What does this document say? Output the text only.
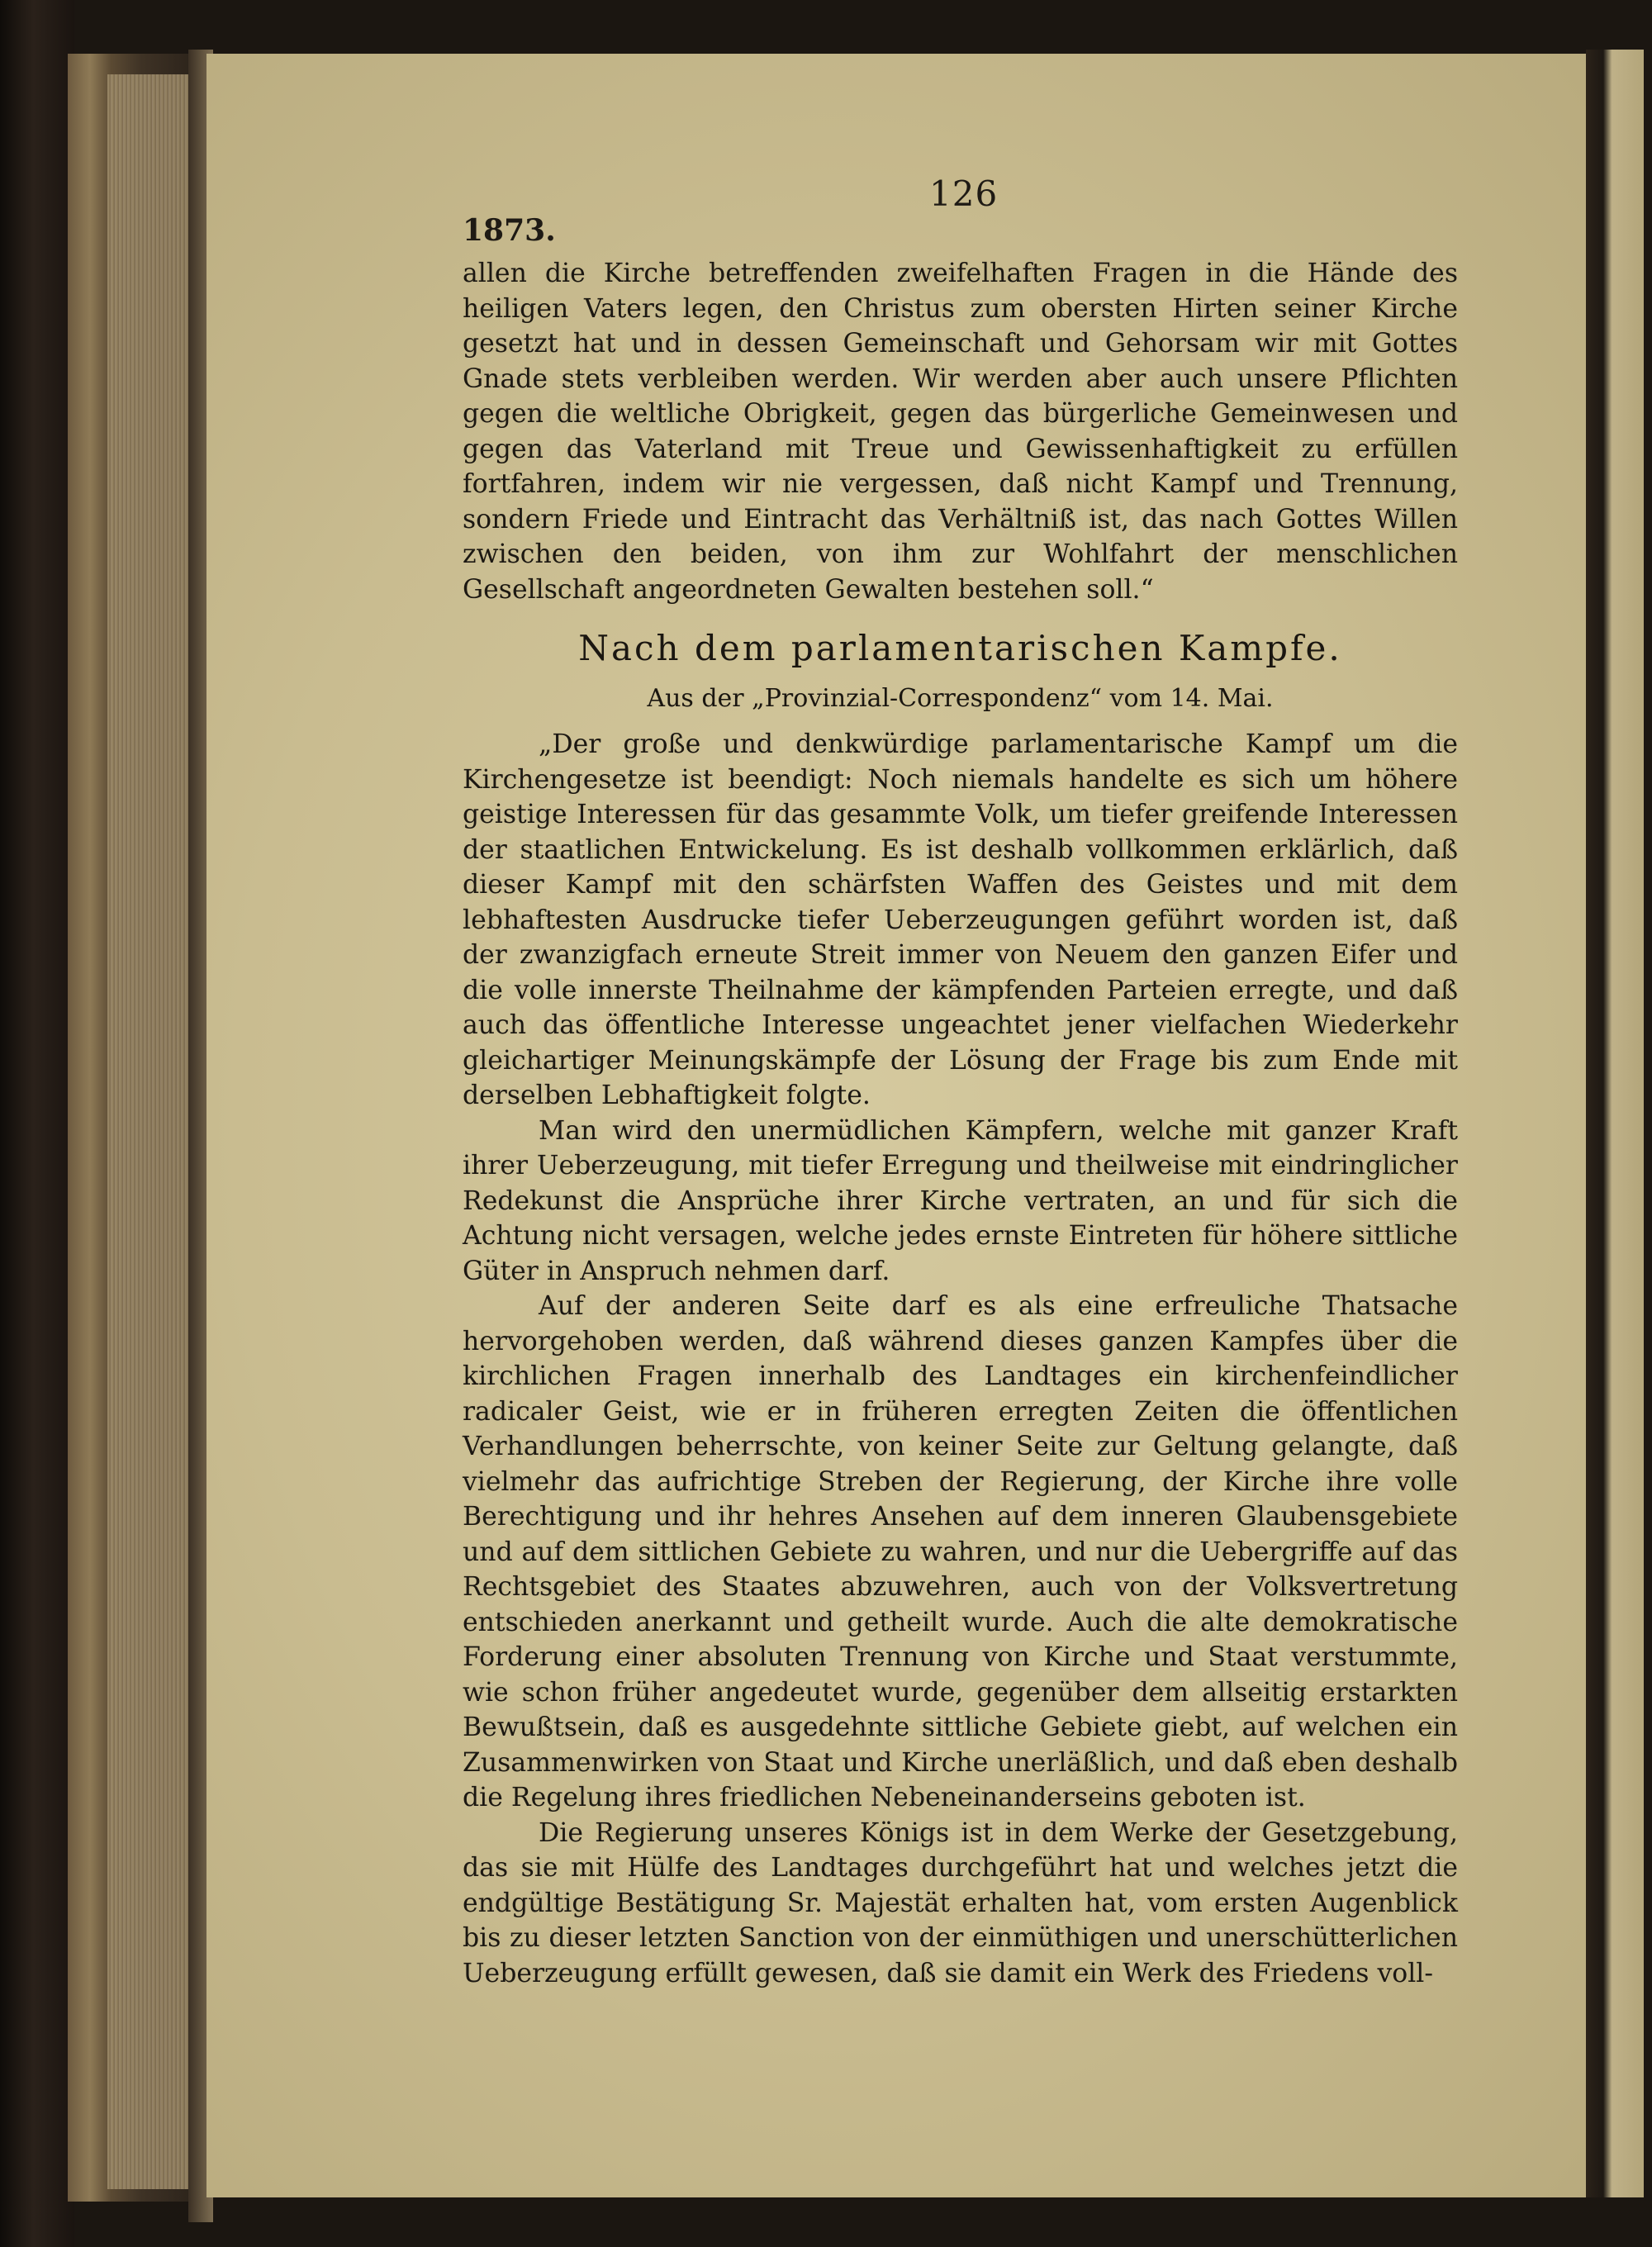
126
1873.

allen die Kirche betreffenden zweifelhaften Fragen in die Hände des heiligen Vaters legen, den Christus zum obersten Hirten seiner Kirche gesetzt hat und in dessen Gemeinschaft und Gehorsam wir mit Gottes Gnade stets verbleiben werden. Wir werden aber auch unsere Pflichten gegen die weltliche Obrigkeit, gegen das bürgerliche Gemeinwesen und gegen das Vaterland mit Treue und Gewissenhaftigkeit zu erfüllen fortfahren, indem wir nie vergessen, daß nicht Kampf und Trennung, sondern Friede und Eintracht das Verhältniß ist, das nach Gottes Willen zwischen den beiden, von ihm zur Wohlfahrt der menschlichen Gesellschaft angeordneten Gewalten bestehen soll.“

Nach dem parlamentarischen Kampfe.
Aus der „Provinzial-Correspondenz“ vom 14. Mai.

„Der große und denkwürdige parlamentarische Kampf um die Kirchengesetze ist beendigt: Noch niemals handelte es sich um höhere geistige Interessen für das gesammte Volk, um tiefer greifende Interessen der staatlichen Entwickelung. Es ist deshalb vollkommen erklärlich, daß dieser Kampf mit den schärfsten Waffen des Geistes und mit dem lebhaftesten Ausdrucke tiefer Ueberzeugungen geführt worden ist, daß der zwanzigfach erneute Streit immer von Neuem den ganzen Eifer und die volle innerste Theilnahme der kämpfenden Parteien erregte, und daß auch das öffentliche Interesse ungeachtet jener vielfachen Wiederkehr gleichartiger Meinungskämpfe der Lösung der Frage bis zum Ende mit derselben Lebhaftigkeit folgte.

Man wird den unermüdlichen Kämpfern, welche mit ganzer Kraft ihrer Ueberzeugung, mit tiefer Erregung und theilweise mit eindringlicher Redekunst die Ansprüche ihrer Kirche vertraten, an und für sich die Achtung nicht versagen, welche jedes ernste Eintreten für höhere sittliche Güter in Anspruch nehmen darf.

Auf der anderen Seite darf es als eine erfreuliche Thatsache hervorgehoben werden, daß während dieses ganzen Kampfes über die kirchlichen Fragen innerhalb des Landtages ein kirchenfeindlicher radicaler Geist, wie er in früheren erregten Zeiten die öffentlichen Verhandlungen beherrschte, von keiner Seite zur Geltung gelangte, daß vielmehr das aufrichtige Streben der Regierung, der Kirche ihre volle Berechtigung und ihr hehres Ansehen auf dem inneren Glaubensgebiete und auf dem sittlichen Gebiete zu wahren, und nur die Uebergriffe auf das Rechtsgebiet des Staates abzuwehren, auch von der Volksvertretung entschieden anerkannt und getheilt wurde. Auch die alte demokratische Forderung einer absoluten Trennung von Kirche und Staat verstummte, wie schon früher angedeutet wurde, gegenüber dem allseitig erstarkten Bewußtsein, daß es ausgedehnte sittliche Gebiete giebt, auf welchen ein Zusammenwirken von Staat und Kirche unerläßlich, und daß eben deshalb die Regelung ihres friedlichen Nebeneinanderseins geboten ist.

Die Regierung unseres Königs ist in dem Werke der Gesetzgebung, das sie mit Hülfe des Landtages durchgeführt hat und welches jetzt die endgültige Bestätigung Sr. Majestät erhalten hat, vom ersten Augenblick bis zu dieser letzten Sanction von der einmüthigen und unerschütterlichen Ueberzeugung erfüllt gewesen, daß sie damit ein Werk des Friedens voll-
